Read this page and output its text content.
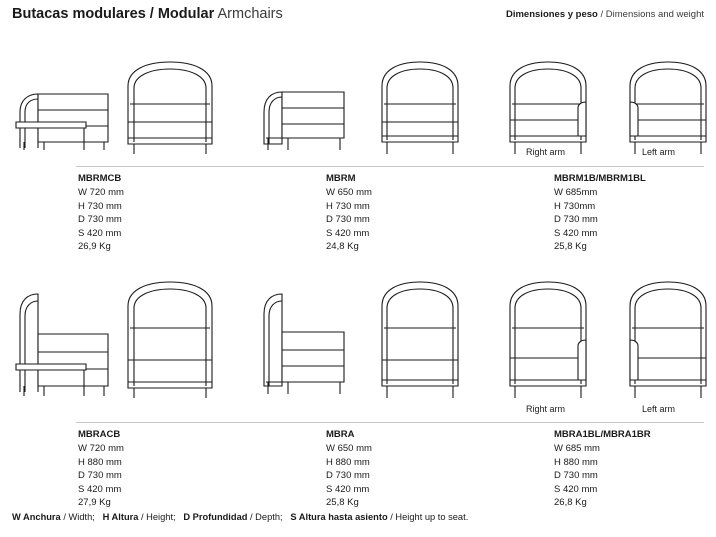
Butacas modulares / Modular Armchairs	Dimensiones y peso / Dimensions and weight
Right arm	Left arm
MBRMCB
W 720 mm
H 730 mm
D 730 mm
S 420 mm
26,9 Kg
MBRM
W 650 mm
H 730 mm
D 730 mm
S 420 mm
24,8 Kg
MBRM1B/MBRM1BL
W 685mm
H 730mm
D 730 mm
S 420 mm
25,8 Kg
Right arm	Left arm
MBRACB
W 720 mm
H 880 mm
D 730 mm
S 420 mm
27,9 Kg
MBRA
W 650 mm
H 880 mm
D 730 mm
S 420 mm
25,8 Kg
MBRA1BL/MBRA1BR
W 685 mm
H 880 mm
D 730 mm
S 420 mm
26,8 Kg
W Anchura / Width; H Altura / Height; D Profundidad / Depth; S Altura hasta asiento / Height up to seat.
